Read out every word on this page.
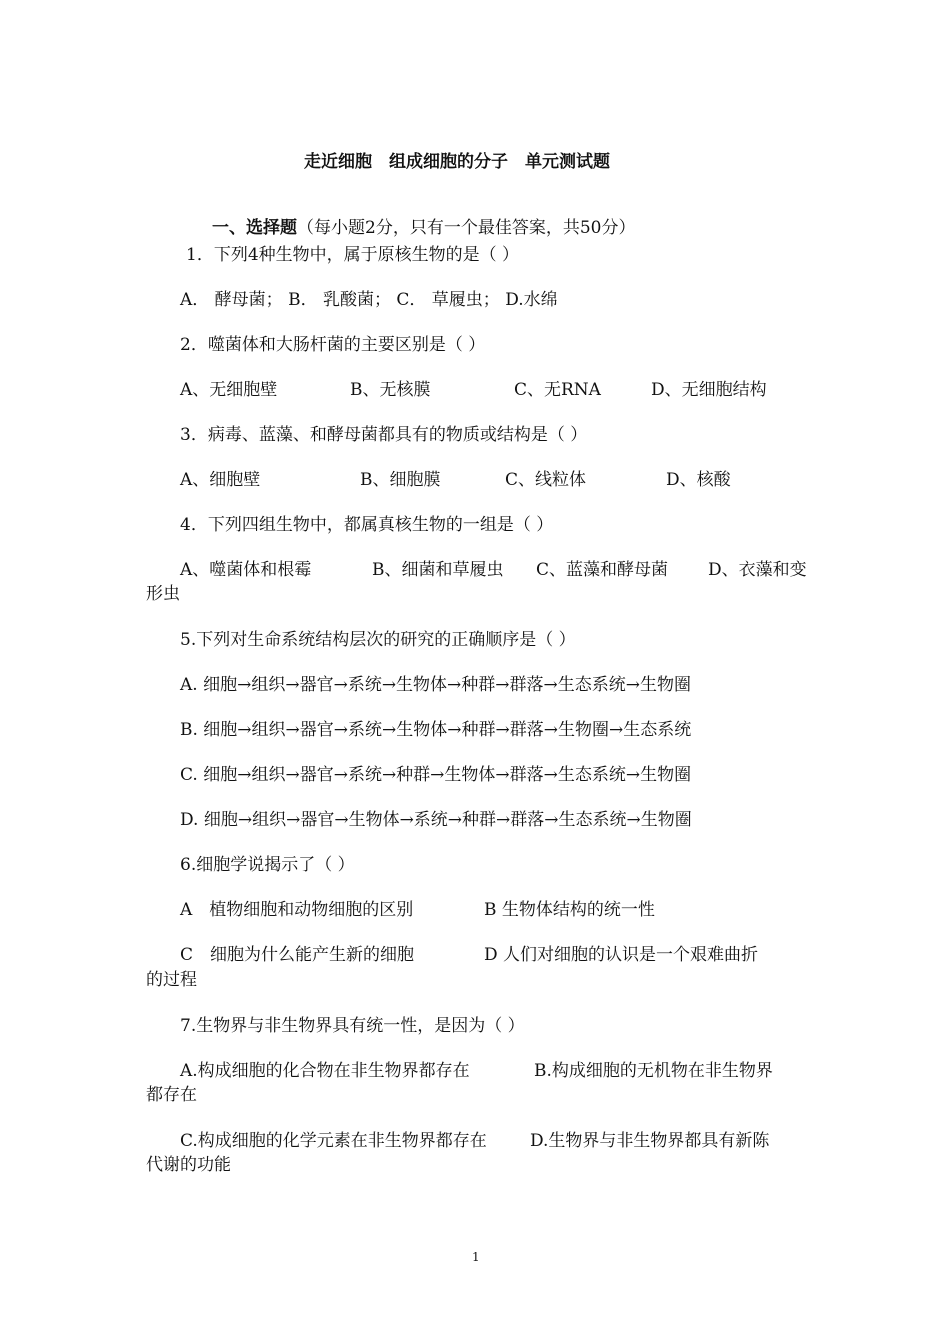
走近细胞　组成细胞的分子　单元测试题
一、选择题（每小题2分，只有一个最佳答案，共50分）
1．下列4种生物中，属于原核生物的是（ ）
A． 酵母菌； B． 乳酸菌； C． 草履虫； D.水绵
2．噬菌体和大肠杆菌的主要区别是（ ）
A、无细胞壁	B、无核膜	C、无RNA	D、无细胞结构
3．病毒、蓝藻、和酵母菌都具有的物质或结构是（ ）
A、细胞壁	B、细胞膜	C、线粒体	D、核酸
4．下列四组生物中，都属真核生物的一组是（ ）
A、噬菌体和根霉	B、细菌和草履虫 C、蓝藻和酵母菌 D、衣藻和变
形虫
5.下列对生命系统结构层次的研究的正确顺序是（ ）
A. 细胞→组织→器官→系统→生物体→种群→群落→生态系统→生物圈
B. 细胞→组织→器官→系统→生物体→种群→群落→生物圈→生态系统
C. 细胞→组织→器官→系统→种群→生物体→群落→生态系统→生物圈
D. 细胞→组织→器官→生物体→系统→种群→群落→生态系统→生物圈
6.细胞学说揭示了（ ）
A　植物细胞和动物细胞的区别	B 生物体结构的统一性
C　细胞为什么能产生新的细胞	D 人们对细胞的认识是一个艰难曲折
的过程
7.生物界与非生物界具有统一性，是因为（ ）
A.构成细胞的化合物在非生物界都存在	B.构成细胞的无机物在非生物界
都存在
C.构成细胞的化学元素在非生物界都存在	D.生物界与非生物界都具有新陈
代谢的功能
1
